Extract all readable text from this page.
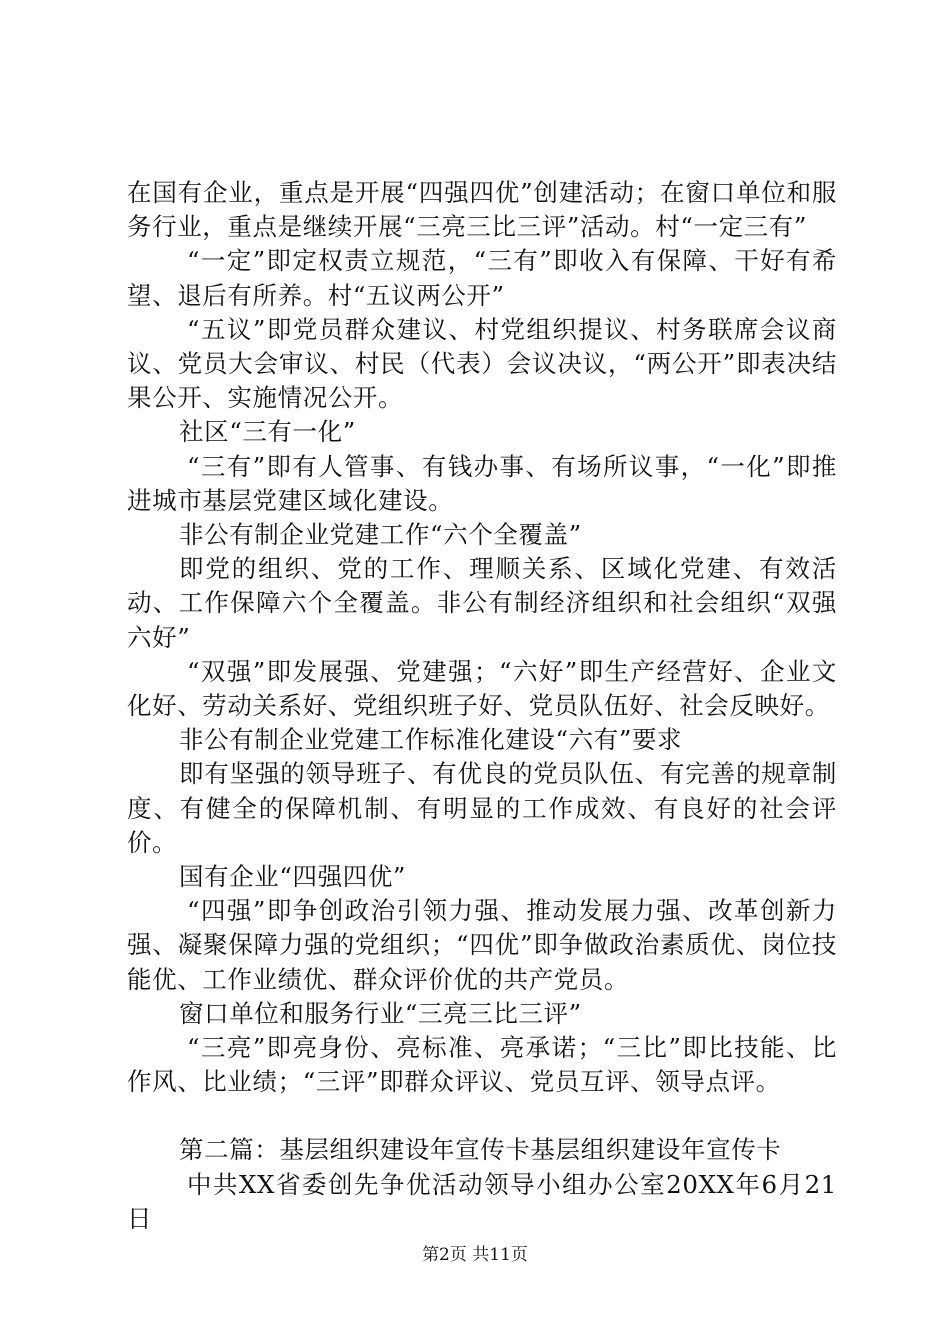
在国有企业，重点是开展“四强四优”创建活动；在窗口单位和服务行业，重点是继续开展“三亮三比三评”活动。村“一定三有”

“一定”即定权责立规范，“三有”即收入有保障、干好有希望、退后有所养。村“五议两公开”

“五议”即党员群众建议、村党组织提议、村务联席会议商议、党员大会审议、村民（代表）会议决议，“两公开”即表决结果公开、实施情况公开。

社区“三有一化”

“三有”即有人管事、有钱办事、有场所议事，“一化”即推进城市基层党建区域化建设。

非公有制企业党建工作“六个全覆盖”

即党的组织、党的工作、理顺关系、区域化党建、有效活动、工作保障六个全覆盖。非公有制经济组织和社会组织“双强六好”

“双强”即发展强、党建强；“六好”即生产经营好、企业文化好、劳动关系好、党组织班子好、党员队伍好、社会反映好。

非公有制企业党建工作标准化建设“六有”要求

即有坚强的领导班子、有优良的党员队伍、有完善的规章制度、有健全的保障机制、有明显的工作成效、有良好的社会评价。

国有企业“四强四优”

“四强”即争创政治引领力强、推动发展力强、改革创新力强、凝聚保障力强的党组织；“四优”即争做政治素质优、岗位技能优、工作业绩优、群众评价优的共产党员。

窗口单位和服务行业“三亮三比三评”

“三亮”即亮身份、亮标准、亮承诺；“三比”即比技能、比作风、比业绩；“三评”即群众评议、党员互评、领导点评。

第二篇：基层组织建设年宣传卡基层组织建设年宣传卡

中共XX省委创先争优活动领导小组办公室20XX年6月21日

第2页 共11页
